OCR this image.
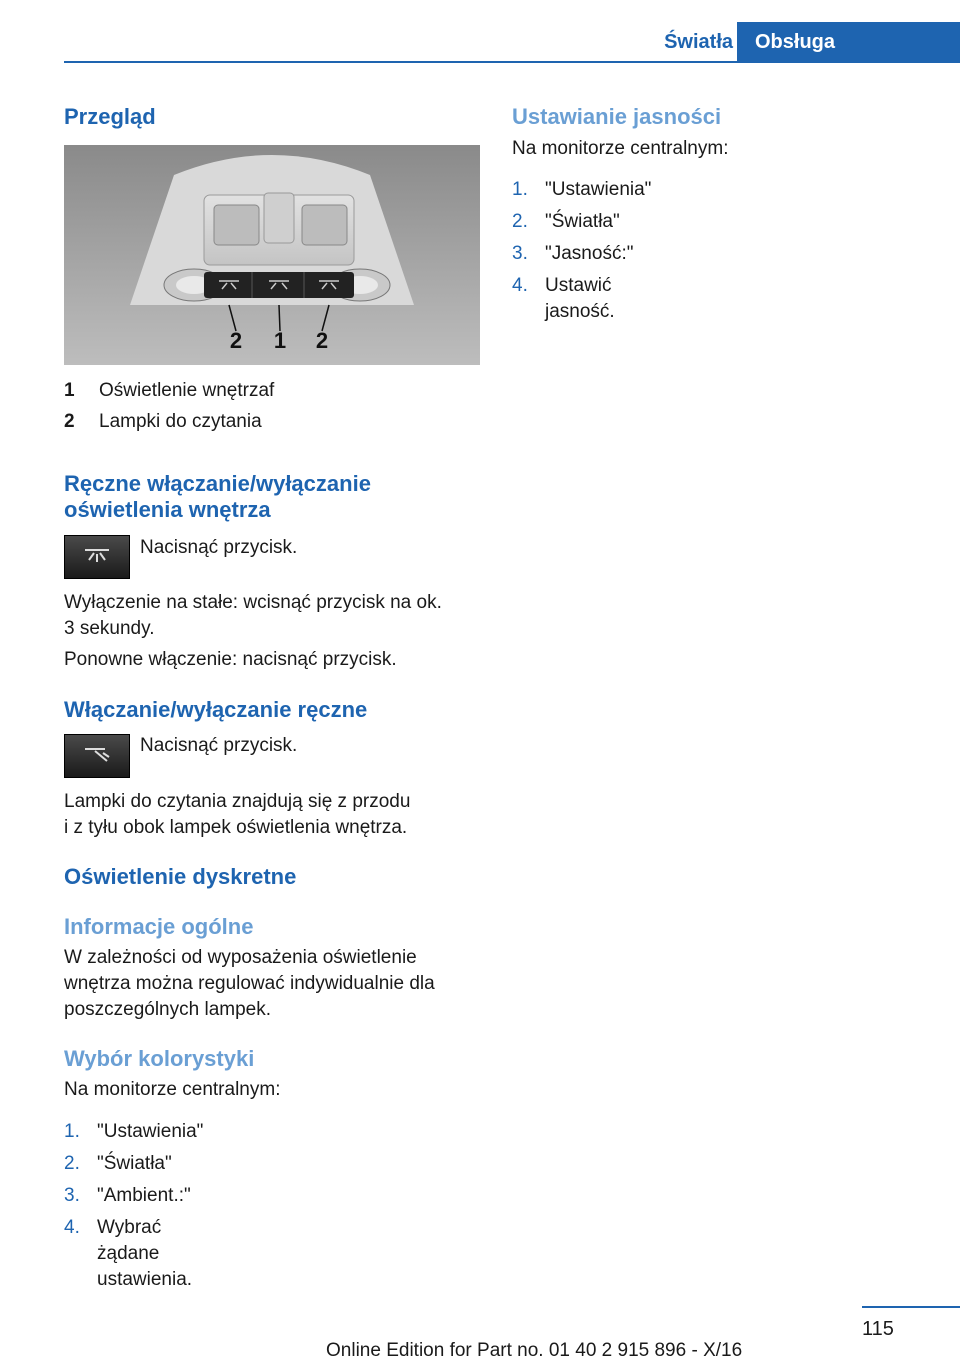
Światła	Obsługa
Przegląd
2 1 2
1 Oświetlenie wnętrzaf
2 Lampki do czytania
Ręczne włączanie/wyłączanie
oświetlenia wnętrza

Nacisnąć przycisk.

Wyłączenie na stałe: wcisnąć przycisk na ok.

3 sekundy.

Ponowne włączenie: nacisnąć przycisk.

Włączanie/wyłączanie ręczne

Nacisnąć przycisk.

Lampki do czytania znajdują się z przodu

i z tyłu obok lampek oświetlenia wnętrza.

Oświetlenie dyskretne
Informacje ogólne

W zależności od wyposażenia oświetlenie

wnętrza można regulować indywidualnie dla

poszczególnych lampek.

Wybór kolorystyki

Na monitorze centralnym:

1. "Ustawienia"
2. "Światła"
3. "Ambient.:"
4. Wybrać żądane ustawienia.
Ustawianie jasności

Na monitorze centralnym:

1. "Ustawienia"
2. "Światła"
3. "Jasność:"
4. Ustawić jasność.
115
Online Edition for Part no. 01 40 2 915 896 - X/16
